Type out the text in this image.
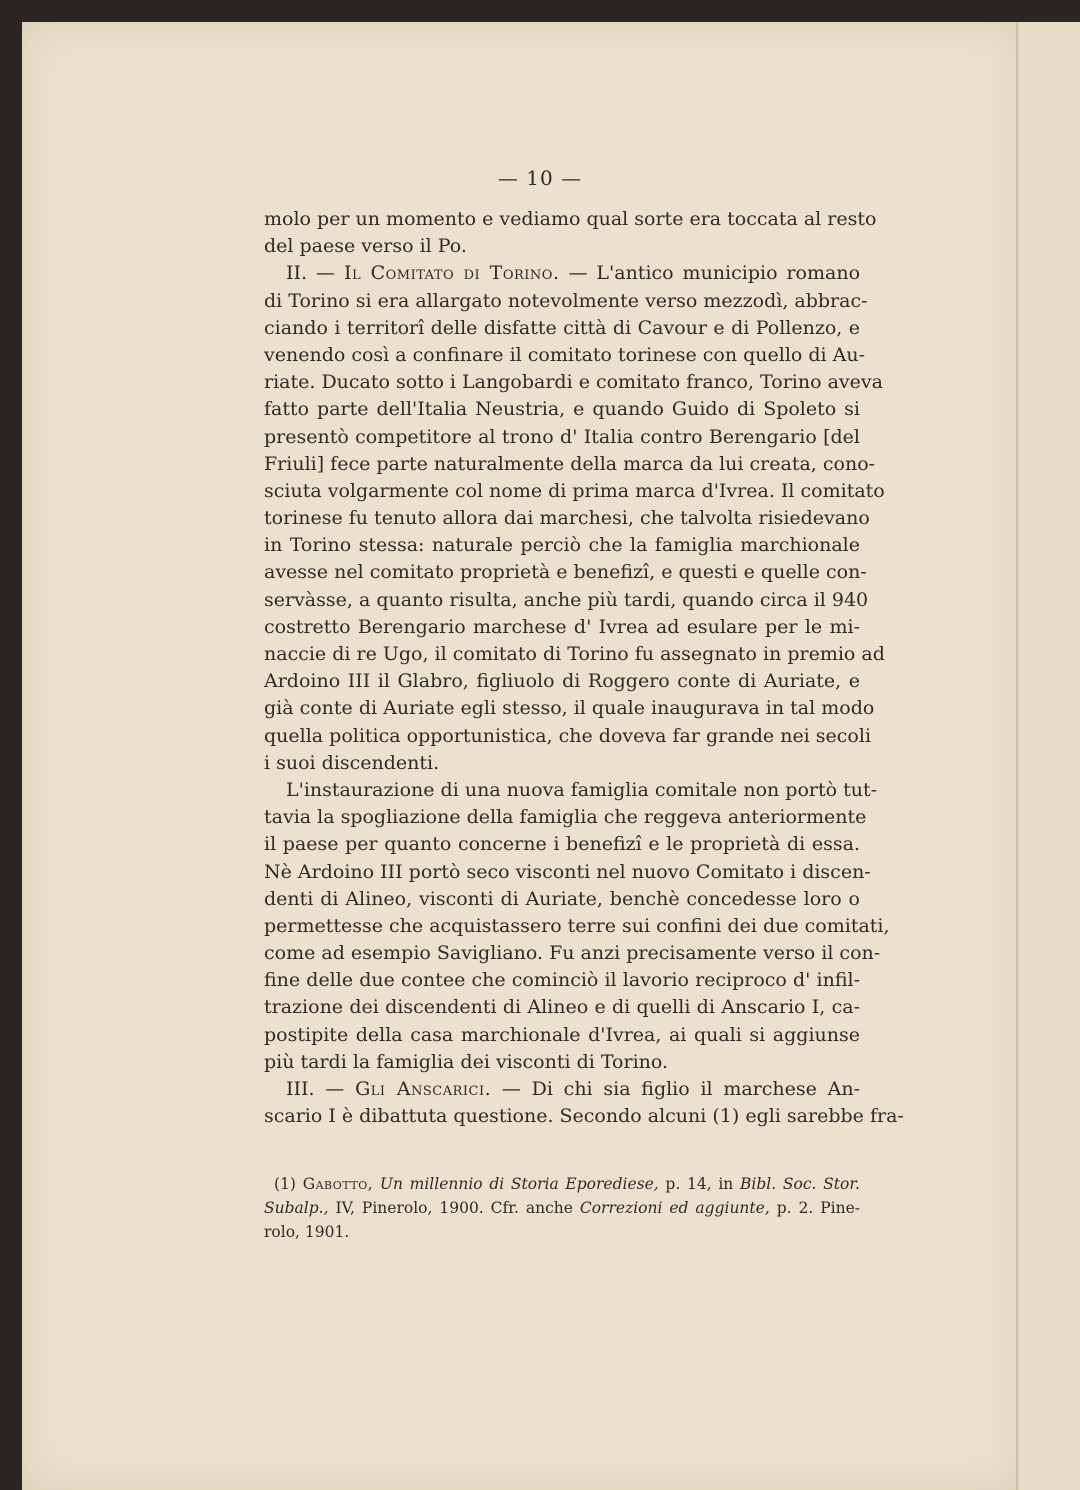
— 10 —
molo per un momento e vediamo qual sorte era toccata al resto
del paese verso il Po.
II. — Il Comitato di Torino. — L'antico municipio romano
di Torino si era allargato notevolmente verso mezzodì, abbrac-
ciando i territorî delle disfatte città di Cavour e di Pollenzo, e
venendo così a confinare il comitato torinese con quello di Au-
riate. Ducato sotto i Langobardi e comitato franco, Torino aveva
fatto parte dell'Italia Neustria, e quando Guido di Spoleto si
presentò competitore al trono d' Italia contro Berengario [del
Friuli] fece parte naturalmente della marca da lui creata, cono-
sciuta volgarmente col nome di prima marca d'Ivrea. Il comitato
torinese fu tenuto allora dai marchesi, che talvolta risiedevano
in Torino stessa: naturale perciò che la famiglia marchionale
avesse nel comitato proprietà e benefizî, e questi e quelle con-
servàsse, a quanto risulta, anche più tardi, quando circa il 940
costretto Berengario marchese d' Ivrea ad esulare per le mi-
naccie di re Ugo, il comitato di Torino fu assegnato in premio ad
Ardoino III il Glabro, figliuolo di Roggero conte di Auriate, e
già conte di Auriate egli stesso, il quale inaugurava in tal modo
quella politica opportunistica, che doveva far grande nei secoli
i suoi discendenti.
L'instaurazione di una nuova famiglia comitale non portò tut-
tavia la spogliazione della famiglia che reggeva anteriormente
il paese per quanto concerne i benefizî e le proprietà di essa.
Nè Ardoino III portò seco visconti nel nuovo Comitato i discen-
denti di Alineo, visconti di Auriate, benchè concedesse loro o
permettesse che acquistassero terre sui confini dei due comitati,
come ad esempio Savigliano. Fu anzi precisamente verso il con-
fine delle due contee che cominciò il lavorio reciproco d' infil-
trazione dei discendenti di Alineo e di quelli di Anscario I, ca-
postipite della casa marchionale d'Ivrea, ai quali si aggiunse
più tardi la famiglia dei visconti di Torino.
III. — Gli Anscarici. — Di chi sia figlio il marchese An-
scario I è dibattuta questione. Secondo alcuni (1) egli sarebbe fra-
(1) Gabotto, Un millennio di Storia Eporediese, p. 14, in Bibl. Soc. Stor.
Subalp., IV, Pinerolo, 1900. Cfr. anche Correzioni ed aggiunte, p. 2. Pine-
rolo, 1901.
